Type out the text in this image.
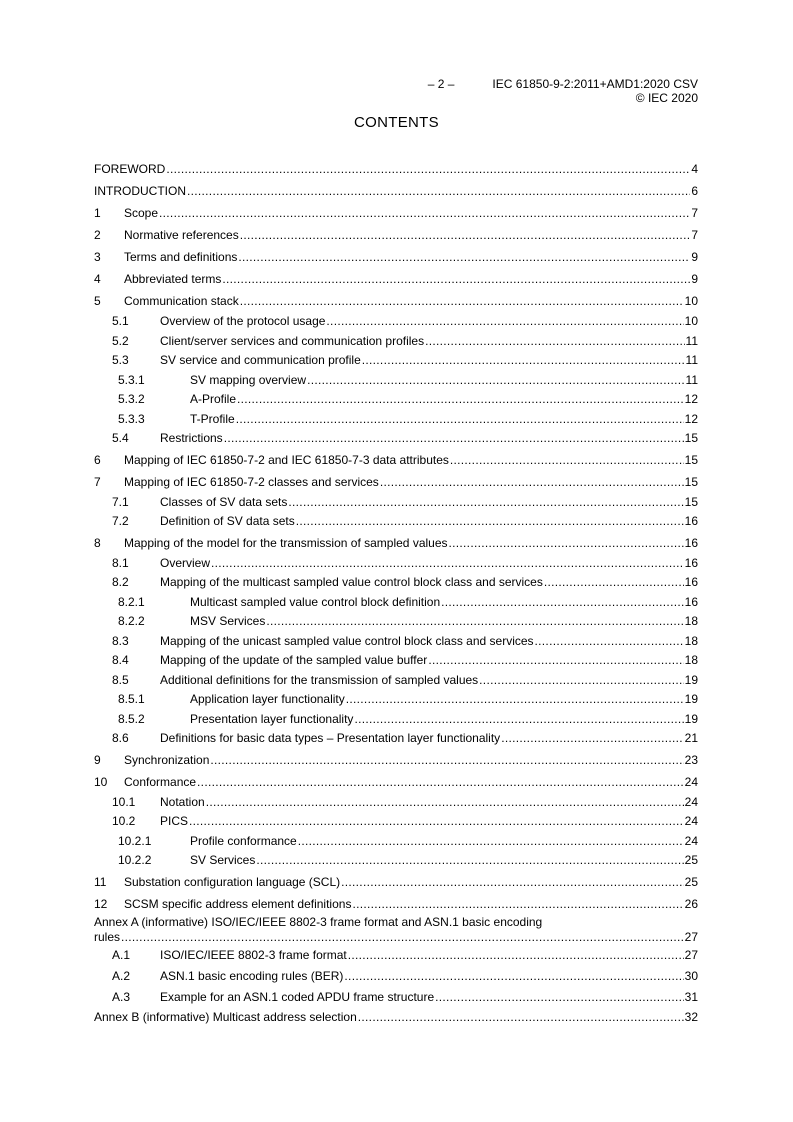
– 2 –	IEC 61850-9-2:2011+AMD1:2020 CSV
© IEC 2020
CONTENTS
FOREWORD .....	4
INTRODUCTION .....	6
1	Scope .....	7
2	Normative references .....	7
3	Terms and definitions .....	9
4	Abbreviated terms .....	9
5	Communication stack .....	10
5.1	Overview of the protocol usage .....	10
5.2	Client/server services and communication profiles .....	11
5.3	SV service and communication profile .....	11
5.3.1	SV mapping overview .....	11
5.3.2	A-Profile .....	12
5.3.3	T-Profile .....	12
5.4	Restrictions .....	15
6	Mapping of IEC 61850-7-2 and IEC 61850-7-3 data attributes .....	15
7	Mapping of IEC 61850-7-2 classes and services .....	15
7.1	Classes of SV data sets .....	15
7.2	Definition of SV data sets .....	16
8	Mapping of the model for the transmission of sampled values .....	16
8.1	Overview .....	16
8.2	Mapping of the multicast sampled value control block class and services .....	16
8.2.1	Multicast sampled value control block definition .....	16
8.2.2	MSV Services .....	18
8.3	Mapping of the unicast sampled value control block class and services .....	18
8.4	Mapping of the update of the sampled value buffer .....	18
8.5	Additional definitions for the transmission of sampled values .....	19
8.5.1	Application layer functionality .....	19
8.5.2	Presentation layer functionality .....	19
8.6	Definitions for basic data types – Presentation layer functionality .....	21
9	Synchronization .....	23
10	Conformance .....	24
10.1	Notation .....	24
10.2	PICS .....	24
10.2.1	Profile conformance .....	24
10.2.2	SV Services .....	25
11	Substation configuration language (SCL) .....	25
12	SCSM specific address element definitions .....	26
Annex A (informative) ISO/IEC/IEEE 8802-3 frame format and ASN.1 basic encoding
rules .....	27
A.1	ISO/IEC/IEEE 8802-3 frame format .....	27
A.2	ASN.1 basic encoding rules (BER) .....	30
A.3	Example for an ASN.1 coded APDU frame structure .....	31
Annex B (informative) Multicast address selection .....	32
